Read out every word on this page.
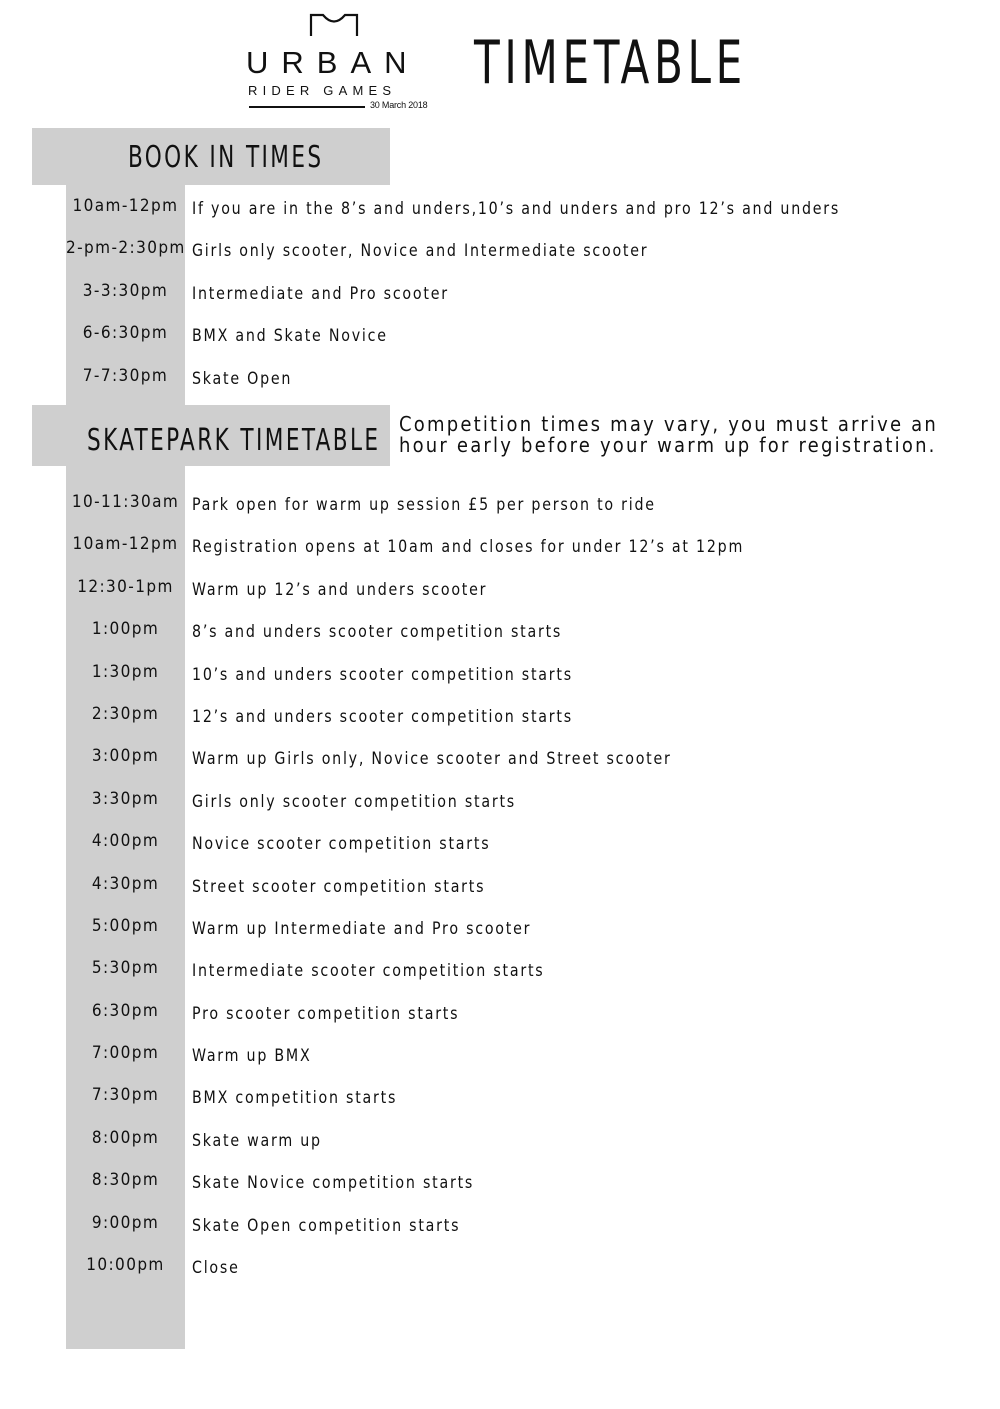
URBAN
RIDER GAMES
30 March 2018
TIMETABLE
BOOK IN TIMES
SKATEPARK TIMETABLE Competition times may vary, you must arrive an hour early before your warm up for registration.
10am-12pm If you are in the 8’s and unders,10’s and unders and pro 12’s and unders
2-pm-2:30pm Girls only scooter, Novice and Intermediate scooter
3-3:30pm	Intermediate and Pro scooter
6-6:30pm	BMX and Skate Novice
7-7:30pm	Skate Open
10-11:30am Park open for warm up session £5 per person to ride
10am-12pm Registration opens at 10am and closes for under 12’s at 12pm
12:30-1pm	Warm up 12’s and unders scooter
1:00pm	8’s and unders scooter competition starts
1:30pm	10’s and unders scooter competition starts
2:30pm	12’s and unders scooter competition starts
3:00pm	Warm up Girls only, Novice scooter and Street scooter
3:30pm	Girls only scooter competition starts
4:00pm	Novice scooter competition starts
4:30pm	Street scooter competition starts
5:00pm	Warm up Intermediate and Pro scooter
5:30pm	Intermediate scooter competition starts
6:30pm	Pro scooter competition starts
7:00pm	Warm up BMX
7:30pm	BMX competition starts
8:00pm	Skate warm up
8:30pm	Skate Novice competition starts
9:00pm	Skate Open competition starts
10:00pm	Close
